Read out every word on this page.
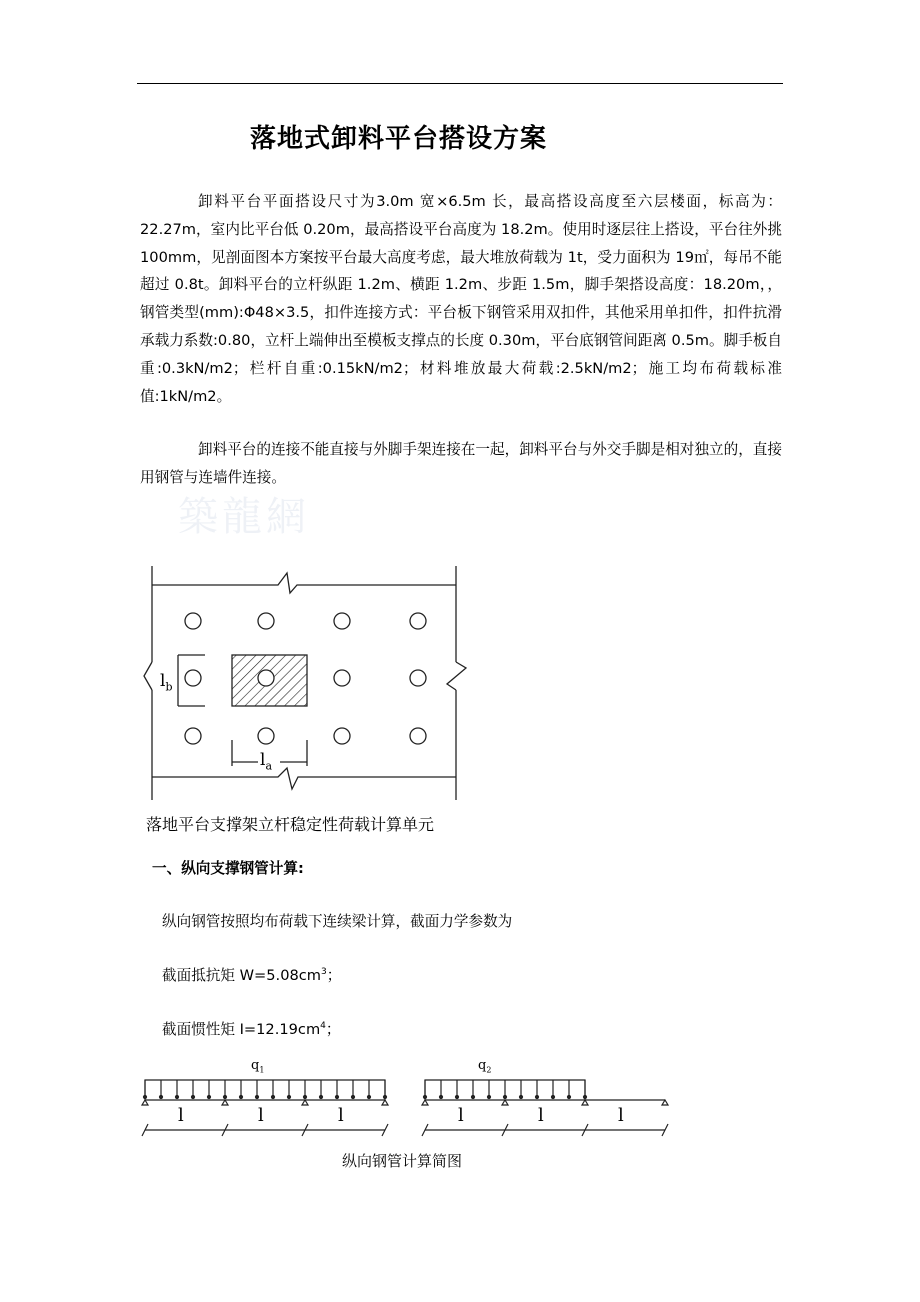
落地式卸料平台搭设方案

卸料平台平面搭设尺寸为3.0m 宽×6.5m 长，最高搭设高度至六层楼面，标高为：22.27m，室内比平台低 0.20m，最高搭设平台高度为 18.2m。使用时逐层往上搭设，平台往外挑 100mm，见剖面图本方案按平台最大高度考虑，最大堆放荷载为 1t，受力面积为 19㎡，每吊不能超过 0.8t。卸料平台的立杆纵距 1.2m、横距 1.2m、步距 1.5m，脚手架搭设高度：18.20m，，钢管类型(mm):Φ48×3.5，扣件连接方式：平台板下钢管采用双扣件，其他采用单扣件，扣件抗滑承载力系数:0.80，立杆上端伸出至模板支撑点的长度 0.30m，平台底钢管间距离 0.5m。脚手板自重:0.3kN/m2；栏杆自重:0.15kN/m2；材料堆放最大荷载:2.5kN/m2；施工均布荷载标准值:1kN/m2。

卸料平台的连接不能直接与外脚手架连接在一起，卸料平台与外交手脚是相对独立的，直接用钢管与连墙件连接。

築龍網
$l_b$
$l_a$
落地平台支撑架立杆稳定性荷载计算单元
一、纵向支撑钢管计算:
纵向钢管按照均布荷载下连续梁计算，截面力学参数为
截面抵抗矩 $W=5.08cm^3$；
截面惯性矩 $I=12.19cm^4$；
$q_1$	$q_2$
l	l	l	l	l	l
纵向钢管计算简图
